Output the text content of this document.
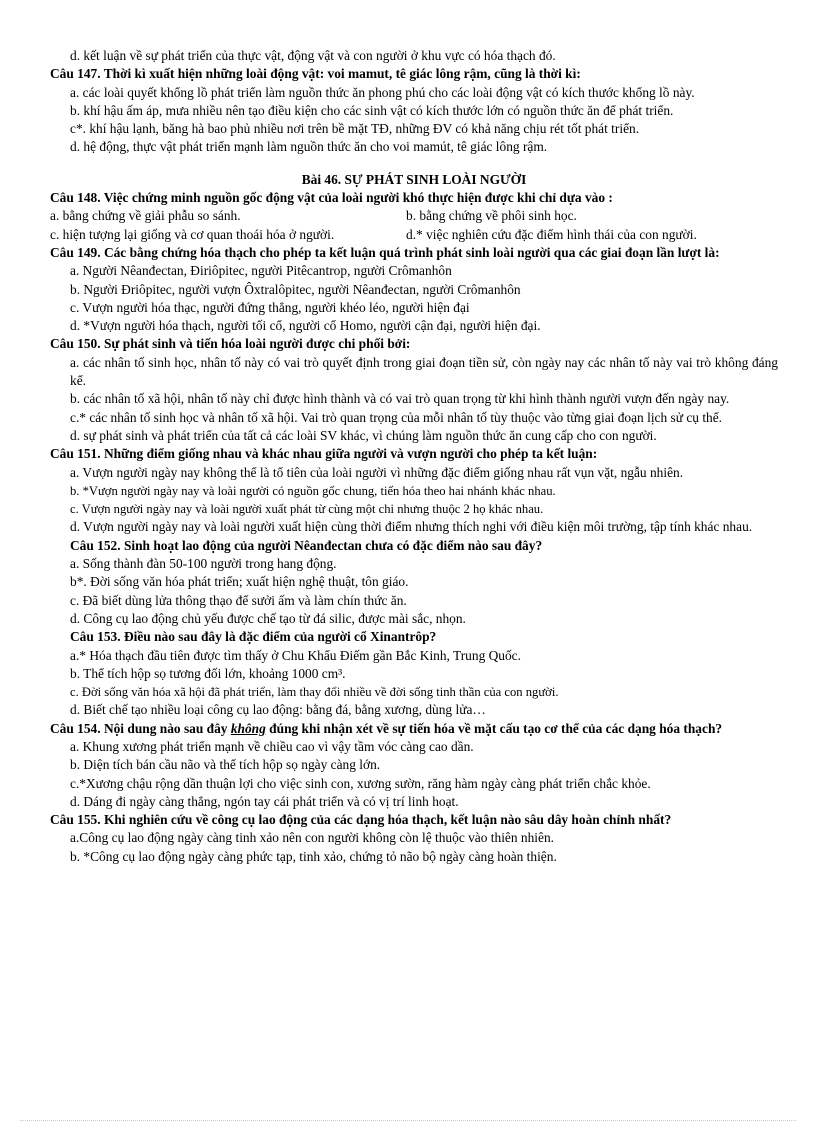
d. kết luận về sự phát triển của thực vật, động vật và con người ở khu vực có hóa thạch đó.
Câu 147. Thời kì xuất hiện những loài động vật: voi mamut, tê giác lông rậm, cũng là thời kì:
a. các loài quyết khổng lồ phát triển làm nguồn thức ăn phong phú cho các loài động vật có kích thước khổng lồ này.
b. khí hậu ấm áp, mưa nhiều nên tạo điều kiện cho các sinh vật có kích thước lớn có nguồn thức ăn để phát triển.
c*. khí hậu lạnh, băng hà bao phủ nhiều nơi trên bề mặt TĐ, những ĐV có khả năng chịu rét tốt phát triển.
d. hệ động, thực vật phát triển mạnh làm nguồn thức ăn cho voi mamút, tê giác lông rậm.
Bài 46. SỰ PHÁT SINH LOÀI NGƯỜI
Câu 148. Việc chứng minh nguồn gốc động vật của loài người khó thực hiện được khi chỉ dựa vào :
a. bằng chứng về giải phẫu so sánh.	b. bằng chứng về phôi sinh học.
c. hiện tượng lại giống và cơ quan thoái hóa ở người.	d.* việc nghiên cứu đặc điểm hình thái của con người.
Câu 149. Các bằng chứng hóa thạch cho phép ta kết luận quá trình phát sinh loài người qua các giai đoạn lần lượt là:
a. Người Nêanđectan, Điriôpitec, người Pitêcantrop, người Crômanhôn
b. Người Đriôpitec, người vượn Ôxtralôpitec, người Nêanđectan, người Crômanhôn
c. Vượn người hóa thạc, người đứng thẳng, người khéo léo, người hiện đại
d. *Vượn người hóa thạch, người tối cổ, người cổ Homo, người cận đại, người hiện đại.
Câu 150. Sự phát sinh và tiến hóa loài người được chi phối bởi:
a. các nhân tố sinh học, nhân tố này có vai trò quyết định trong giai đoạn tiền sử, còn ngày nay các nhân tố này vai trò không đáng kể.
b. các nhân tố xã hội, nhân tố này chỉ được hình thành và có vai trò quan trọng từ khi hình thành người vượn đến ngày nay.
c.* các nhân tố sinh học và nhân tố xã hội. Vai trò quan trọng của mỗi nhân tố tùy thuộc vào từng giai đoạn lịch sử cụ thể.
d. sự phát sinh và phát triển của tất cả các loài SV khác, vì chúng làm nguồn thức ăn cung cấp cho con người.
Câu 151. Những điểm giống nhau và khác nhau giữa người và vượn người cho phép ta kết luận:
a. Vượn người ngày nay không thể là tổ tiên của loài người vì những đặc điểm giống nhau rất vụn vặt, ngẫu nhiên.
b. *Vượn người ngày nay và loài người có nguồn gốc chung, tiến hóa theo hai nhánh khác nhau.
c. Vượn người ngày nay và loài người xuất phát từ cùng một chi nhưng thuộc 2 họ khác nhau.
d. Vượn người ngày nay và loài người xuất hiện cùng thời điểm nhưng thích nghi với điều kiện môi trường, tập tính khác nhau.
Câu 152. Sinh hoạt lao động của người Nêanđectan chưa có đặc điểm nào sau đây?
a. Sống thành đàn 50-100 người trong hang động.
b*. Đời sống văn hóa phát triển; xuất hiện nghệ thuật, tôn giáo.
c. Đã biết dùng lửa thông thạo để sưởi ấm và làm chín thức ăn.
d. Công cụ lao động chủ yếu được chế tạo từ đá silic, được mài sắc, nhọn.
Câu 153. Điều nào sau đây là đặc điểm của người cổ Xinantrôp?
a.* Hóa thạch đầu tiên được tìm thấy ở Chu Khẩu Điếm gần Bắc Kinh, Trung Quốc.
b. Thể tích hộp sọ tương đối lớn, khoảng 1000 cm³.
c. Đời sống văn hóa xã hội đã phát triển, làm thay đổi nhiều về đời sống tinh thần của con người.
d. Biết chế tạo nhiều loại công cụ lao động: bằng đá, bằng xương, dùng lửa…
Câu 154. Nội dung nào sau đây không đúng khi nhận xét về sự tiến hóa về mặt cấu tạo cơ thể của các dạng hóa thạch?
a. Khung xương phát triển mạnh về chiều cao vì vậy tầm vóc càng cao dần.
b. Diện tích bán cầu não và thể tích hộp sọ ngày càng lớn.
c.*Xương chậu rộng dần thuận lợi cho việc sinh con, xương sườn, răng hàm ngày càng phát triển chắc khỏe.
d. Dáng đi ngày càng thẳng, ngón tay cái phát triển và có vị trí linh hoạt.
Câu 155. Khi nghiên cứu về công cụ lao động của các dạng hóa thạch, kết luận nào sâu dây hoàn chỉnh nhất?
a.Công cụ lao động ngày càng tinh xảo nên con người không còn lệ thuộc vào thiên nhiên.
b. *Công cụ lao động ngày càng phức tạp, tinh xảo, chứng tỏ não bộ ngày càng hoàn thiện.
